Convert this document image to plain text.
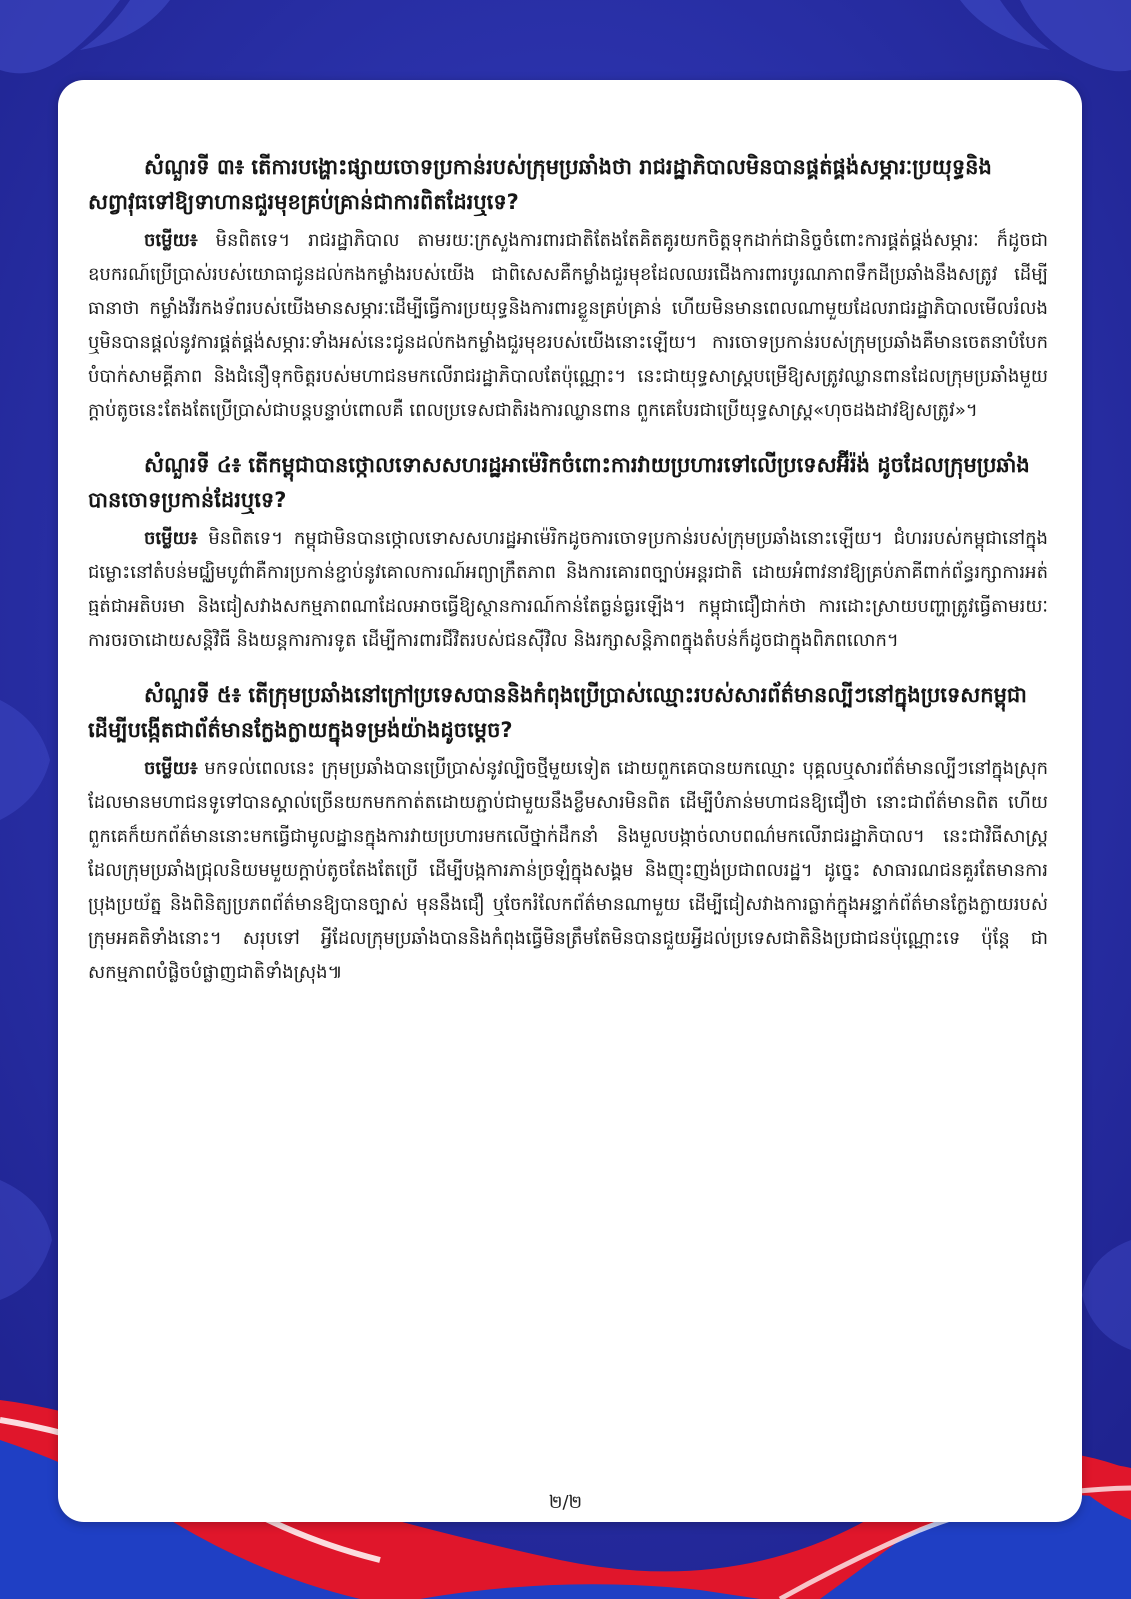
សំណួរទី ៣៖ តើការបង្ហោះផ្សាយចោទប្រកាន់របស់ក្រុមប្រឆាំងថា រាជរដ្ឋាភិបាលមិនបានផ្គត់ផ្គង់សម្ភារៈប្រយុទ្ធនិងសព្វាវុធទៅឱ្យទាហានជួរមុខគ្រប់គ្រាន់ជាការពិតដែរឬទេ?

ចម្លើយ៖ មិនពិតទេ។ រាជរដ្ឋាភិបាល តាមរយៈក្រសួងការពារជាតិតែងតែគិតគូរយកចិត្តទុកដាក់ជានិច្ចចំពោះការផ្គត់ផ្គង់សម្ភារៈ ក៏ដូចជាឧបករណ៍ប្រើប្រាស់របស់យោធាជូនដល់កងកម្លាំងរបស់យើង ជាពិសេសគឺកម្លាំងជួរមុខដែលឈរជើងការពារបូរណភាពទឹកដីប្រឆាំងនឹងសត្រូវ ដើម្បីធានាថា កម្លាំងវីរកងទ័ពរបស់យើងមានសម្ភារៈដើម្បីធ្វើការប្រយុទ្ធនិងការពារខ្លួនគ្រប់គ្រាន់ ហើយមិនមានពេលណាមួយដែលរាជរដ្ឋាភិបាលមើលរំលង ឬមិនបានផ្តល់នូវការផ្គត់ផ្គង់សម្ភារៈទាំងអស់នេះជូនដល់កងកម្លាំងជួរមុខរបស់យើងនោះឡើយ។ ការចោទប្រកាន់របស់ក្រុមប្រឆាំងគឺមានចេតនាបំបែកបំបាក់សាមគ្គីភាព និងជំនឿទុកចិត្តរបស់មហាជនមកលើរាជរដ្ឋាភិបាលតែប៉ុណ្ណោះ។ នេះជាយុទ្ធសាស្ត្របម្រើឱ្យសត្រូវឈ្លានពានដែលក្រុមប្រឆាំងមួយក្តាប់តូចនេះតែងតែប្រើប្រាស់ជាបន្តបន្ទាប់ពោលគឺ ពេលប្រទេសជាតិរងការឈ្លានពាន ពួកគេបែរជាប្រើយុទ្ធសាស្ត្រ«ហុចដងដាវឱ្យសត្រូវ»។

សំណួរទី ៤៖ តើកម្ពុជាបានថ្កោលទោសសហរដ្ឋអាម៉េរិកចំពោះការវាយប្រហារទៅលើប្រទេសអ៊ីរ៉ង់ ដូចដែលក្រុមប្រឆាំងបានចោទប្រកាន់ដែរឬទេ?

ចម្លើយ៖ មិនពិតទេ។ កម្ពុជាមិនបានថ្កោលទោសសហរដ្ឋអាម៉េរិកដូចការចោទប្រកាន់របស់ក្រុមប្រឆាំងនោះឡើយ។ ជំហររបស់កម្ពុជានៅក្នុងជម្លោះនៅតំបន់មជ្ឈិមបូព៌ាគឺការប្រកាន់ខ្ជាប់នូវគោលការណ៍អព្យាក្រឹតភាព និងការគោរពច្បាប់អន្តរជាតិ ដោយអំពាវនាវឱ្យគ្រប់ភាគីពាក់ព័ន្ធរក្សាការអត់ធ្មត់ជាអតិបរមា និងជៀសវាងសកម្មភាពណាដែលអាចធ្វើឱ្យស្ថានការណ៍កាន់តែធ្ងន់ធ្ងរឡើង។ កម្ពុជាជឿជាក់ថា ការដោះស្រាយបញ្ហាត្រូវធ្វើតាមរយៈការចរចាដោយសន្តិវិធី និងយន្តការការទូត ដើម្បីការពារជីវិតរបស់ជនស៊ីវិល និងរក្សាសន្តិភាពក្នុងតំបន់ក៏ដូចជាក្នុងពិភពលោក។

សំណួរទី ៥៖ តើក្រុមប្រឆាំងនៅក្រៅប្រទេសបាននិងកំពុងប្រើប្រាស់ឈ្មោះរបស់សារព័ត៌មានល្បីៗនៅក្នុងប្រទេសកម្ពុជាដើម្បីបង្កើតជាព័ត៌មានក្លែងក្លាយក្នុងទម្រង់យ៉ាងដូចម្តេច?

ចម្លើយ៖ មកទល់ពេលនេះ ក្រុមប្រឆាំងបានប្រើប្រាស់នូវល្បិចថ្មីមួយទៀត ដោយពួកគេបានយកឈ្មោះ បុគ្គលឬសារព័ត៌មានល្បីៗនៅក្នុងស្រុកដែលមានមហាជនទូទៅបានស្គាល់ច្រើនយកមកកាត់តដោយភ្ជាប់ជាមួយនឹងខ្លឹមសារមិនពិត ដើម្បីបំភាន់មហាជនឱ្យជឿថា នោះជាព័ត៌មានពិត ហើយពួកគេក៏យកព័ត៌មាននោះមកធ្វើជាមូលដ្ឋានក្នុងការវាយប្រហារមកលើថ្នាក់ដឹកនាំ និងមួលបង្កាច់លាបពណ៌មកលើរាជរដ្ឋាភិបាល។ នេះជាវិធីសាស្ត្រដែលក្រុមប្រឆាំងជ្រុលនិយមមួយក្តាប់តូចតែងតែប្រើ ដើម្បីបង្កការភាន់ច្រឡំក្នុងសង្គម និងញុះញង់ប្រជាពលរដ្ឋ។ ដូច្នេះ សាធារណជនគួរតែមានការប្រុងប្រយ័ត្ន និងពិនិត្យប្រភពព័ត៌មានឱ្យបានច្បាស់ មុននឹងជឿ ឬចែករំលែកព័ត៌មានណាមួយ ដើម្បីជៀសវាងការធ្លាក់ក្នុងអន្ទាក់ព័ត៌មានក្លែងក្លាយរបស់ក្រុមអគតិទាំងនោះ។ សរុបទៅ អ្វីដែលក្រុមប្រឆាំងបាននិងកំពុងធ្វើមិនត្រឹមតែមិនបានជួយអ្វីដល់ប្រទេសជាតិនិងប្រជាជនប៉ុណ្ណោះទេ ប៉ុន្តែ ជាសកម្មភាពបំផ្លិចបំផ្លាញជាតិទាំងស្រុង៕

២/២
